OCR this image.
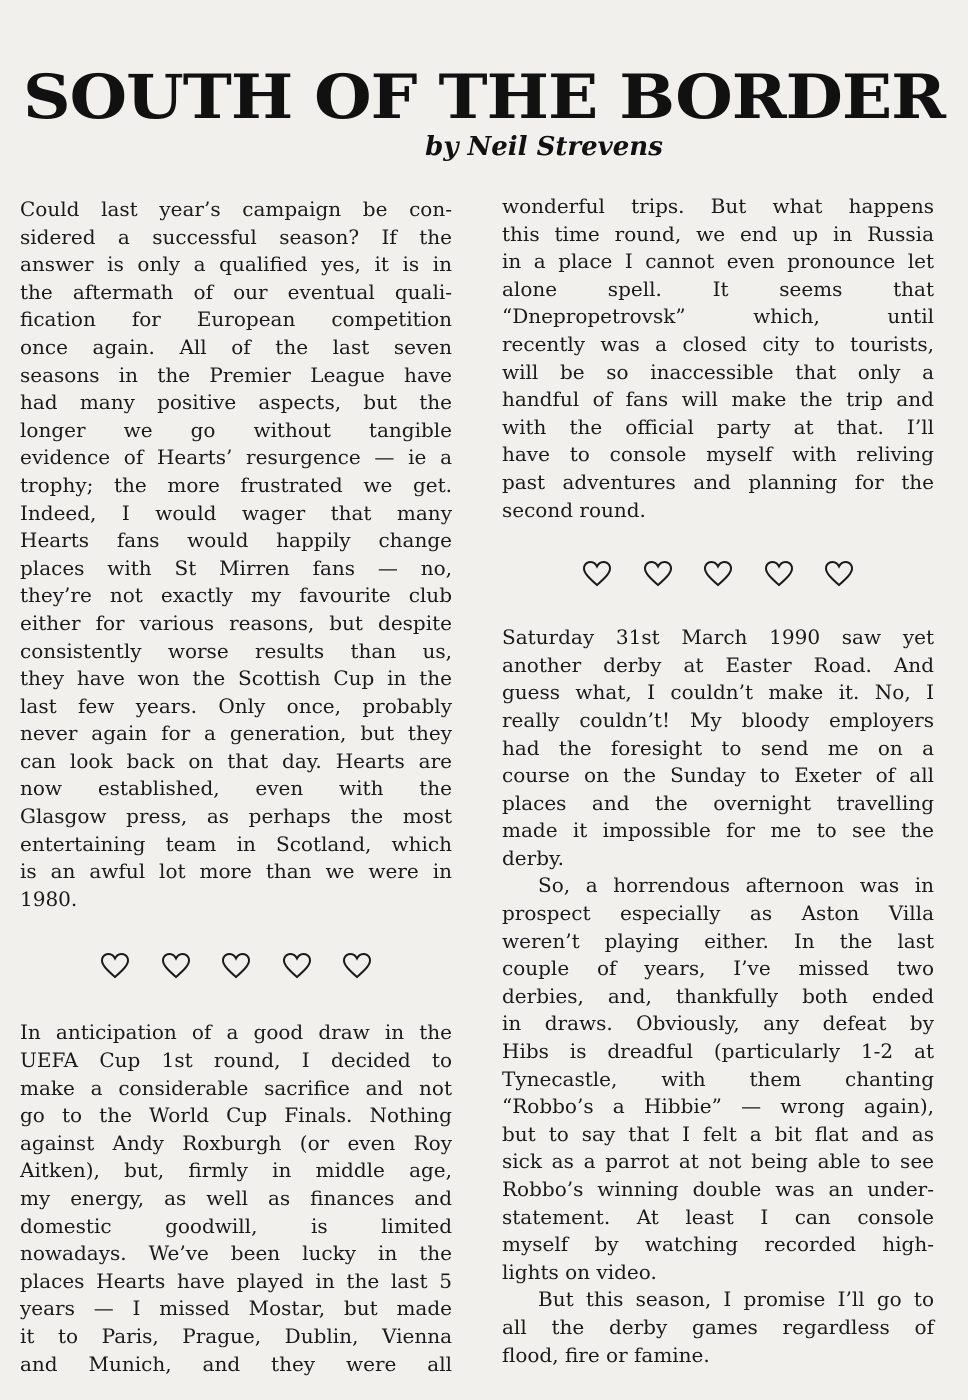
SOUTH OF THE BORDER
by Neil Strevens
Could last year’s campaign be con-
sidered a successful season? If the
answer is only a qualified yes, it is in
the aftermath of our eventual quali-
fication for European competition
once again. All of the last seven
seasons in the Premier League have
had many positive aspects, but the
longer we go without tangible
evidence of Hearts’ resurgence — ie a
trophy; the more frustrated we get.
Indeed, I would wager that many
Hearts fans would happily change
places with St Mirren fans — no,
they’re not exactly my favourite club
either for various reasons, but despite
consistently worse results than us,
they have won the Scottish Cup in the
last few years. Only once, probably
never again for a generation, but they
can look back on that day. Hearts are
now established, even with the
Glasgow press, as perhaps the most
entertaining team in Scotland, which
is an awful lot more than we were in
1980.
In anticipation of a good draw in the
UEFA Cup 1st round, I decided to
make a considerable sacrifice and not
go to the World Cup Finals. Nothing
against Andy Roxburgh (or even Roy
Aitken), but, firmly in middle age,
my energy, as well as finances and
domestic goodwill, is limited
nowadays. We’ve been lucky in the
places Hearts have played in the last 5
years — I missed Mostar, but made
it to Paris, Prague, Dublin, Vienna
and Munich, and they were all
wonderful trips. But what happens
this time round, we end up in Russia
in a place I cannot even pronounce let
alone spell. It seems that
“Dnepropetrovsk” which, until
recently was a closed city to tourists,
will be so inaccessible that only a
handful of fans will make the trip and
with the official party at that. I’ll
have to console myself with reliving
past adventures and planning for the
second round.
Saturday 31st March 1990 saw yet
another derby at Easter Road. And
guess what, I couldn’t make it. No, I
really couldn’t! My bloody employers
had the foresight to send me on a
course on the Sunday to Exeter of all
places and the overnight travelling
made it impossible for me to see the
derby.
So, a horrendous afternoon was in
prospect especially as Aston Villa
weren’t playing either. In the last
couple of years, I’ve missed two
derbies, and, thankfully both ended
in draws. Obviously, any defeat by
Hibs is dreadful (particularly 1-2 at
Tynecastle, with them chanting
“Robbo’s a Hibbie” — wrong again),
but to say that I felt a bit flat and as
sick as a parrot at not being able to see
Robbo’s winning double was an under-
statement. At least I can console
myself by watching recorded high-
lights on video.
But this season, I promise I’ll go to
all the derby games regardless of
flood, fire or famine.
